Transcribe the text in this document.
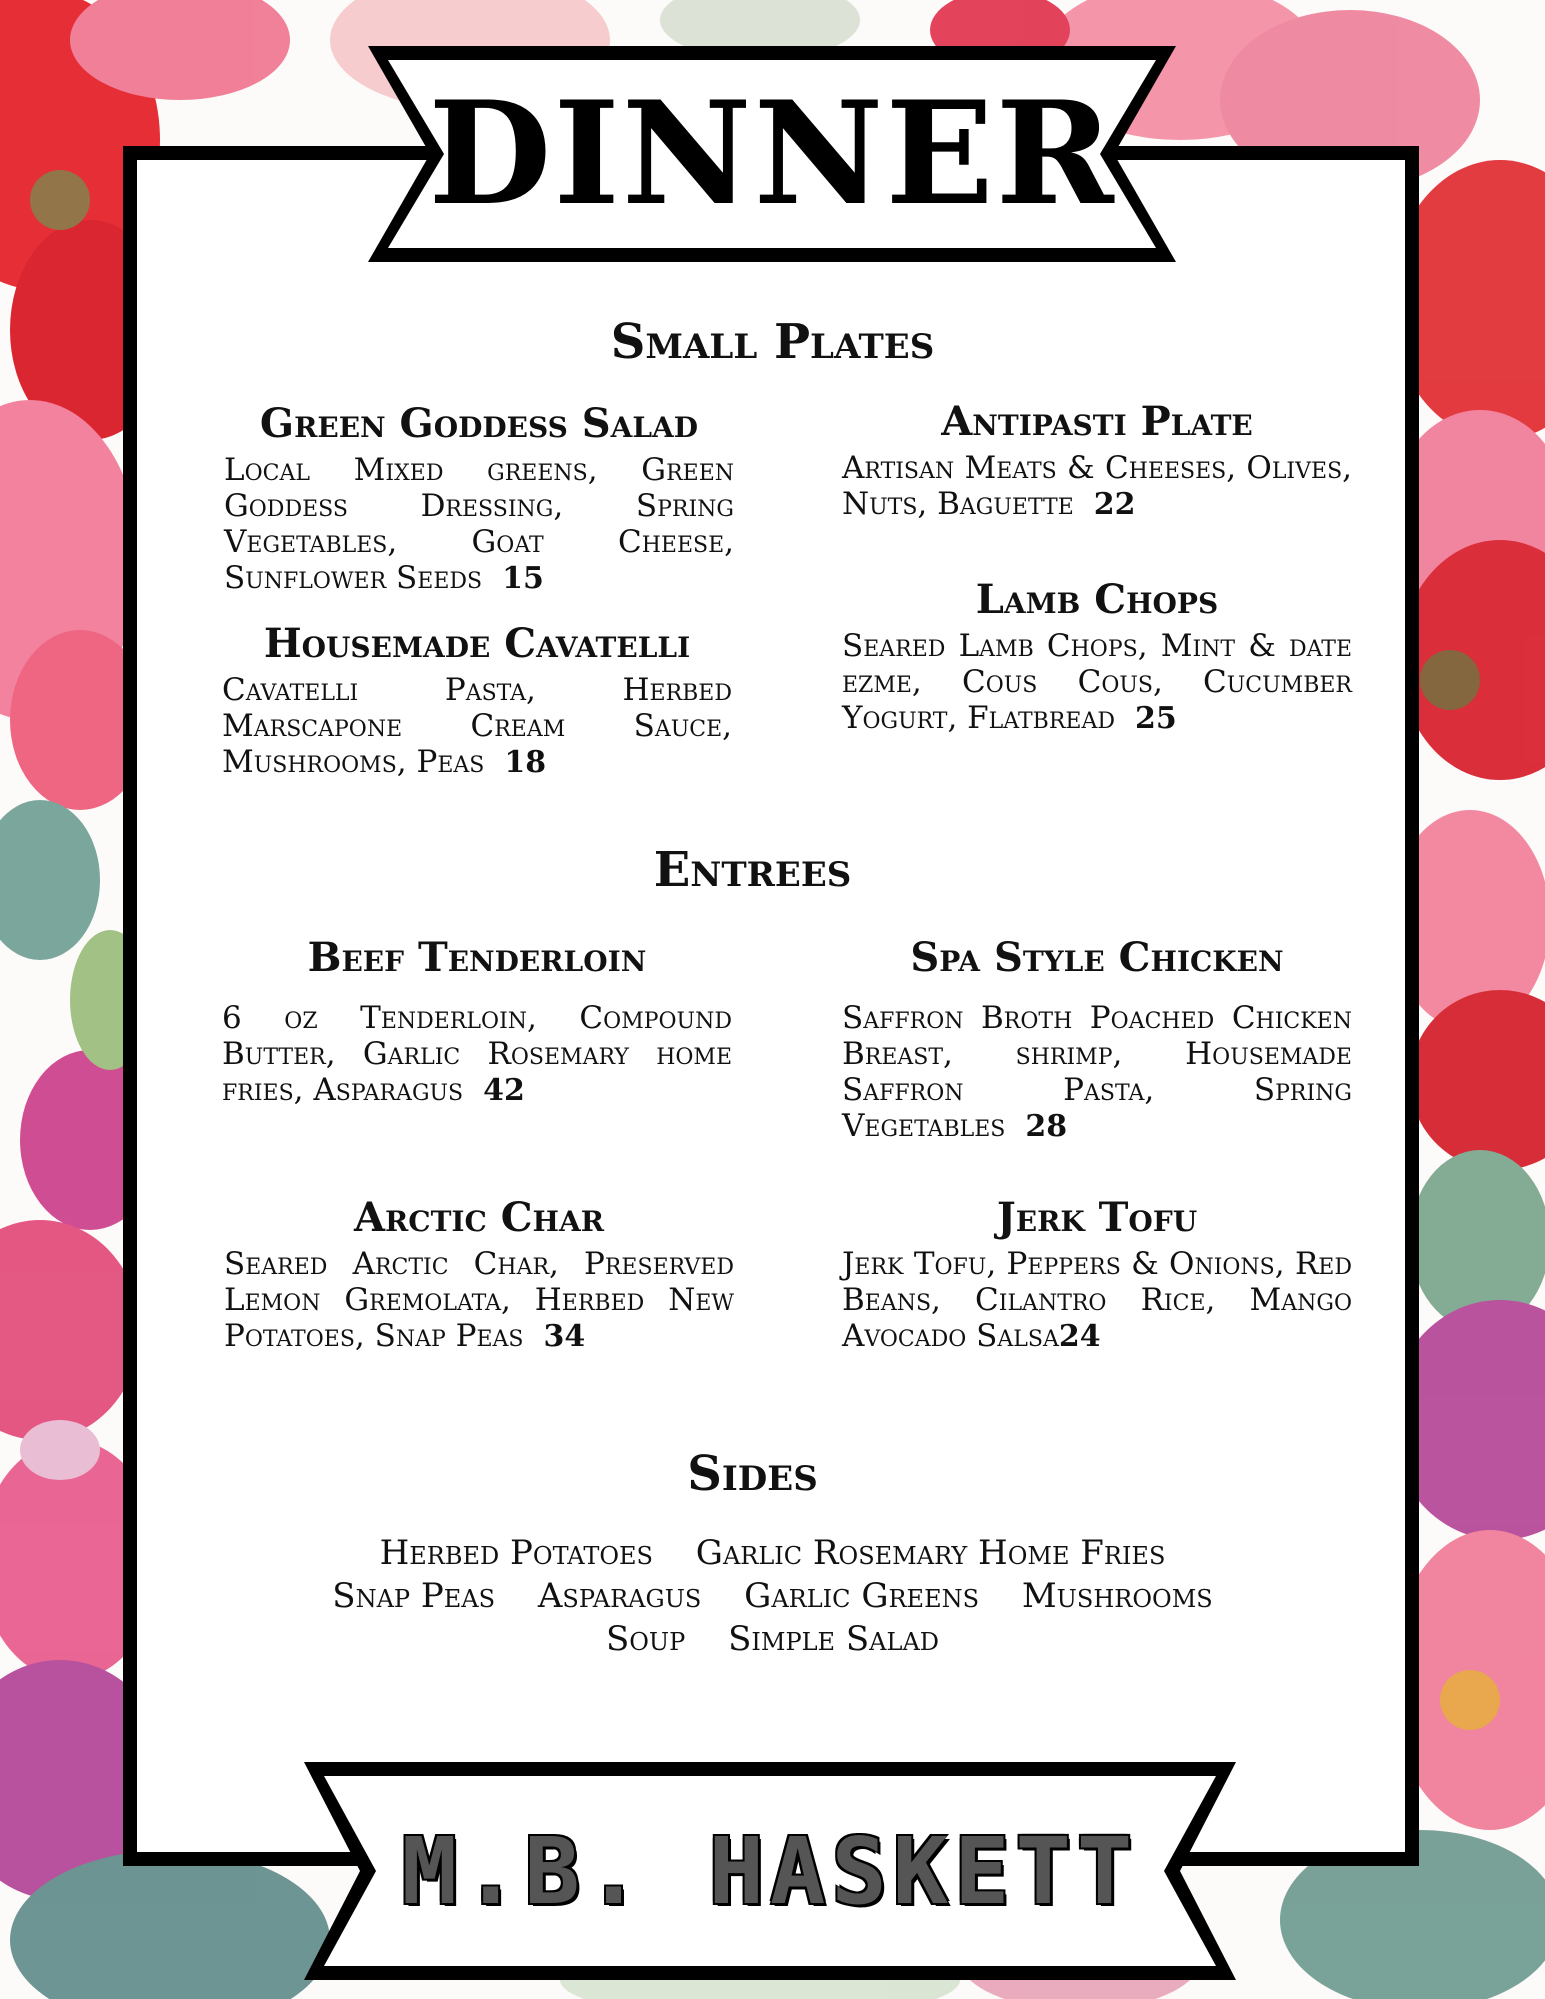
DINNER
Small Plates
Green Goddess Salad
Local Mixed greens, Green Goddess Dressing, Spring Vegetables, Goat Cheese, Sunflower Seeds 15
Antipasti Plate
Artisan Meats & Cheeses, Olives, Nuts, Baguette 22
Housemade Cavatelli
Cavatelli Pasta, Herbed Marscapone Cream Sauce, Mushrooms, Peas 18
Lamb Chops
Seared Lamb Chops, Mint & date ezme, Cous Cous, Cucumber Yogurt, Flatbread 25
Entrees
Beef Tenderloin
6 oz Tenderloin, Compound Butter, Garlic Rosemary home fries, Asparagus 42
Spa Style Chicken
Saffron Broth Poached Chicken Breast, shrimp, Housemade Saffron Pasta, Spring Vegetables 28
Arctic Char
Seared Arctic Char, Preserved Lemon Gremolata, Herbed New Potatoes, Snap Peas 34
Jerk Tofu
Jerk Tofu, Peppers & Onions, Red Beans, Cilantro Rice, Mango Avocado Salsa24
Sides
Herbed Potatoes Garlic Rosemary Home Fries
Snap Peas Asparagus Garlic Greens Mushrooms
Soup Simple Salad
M.B. HASKETT
